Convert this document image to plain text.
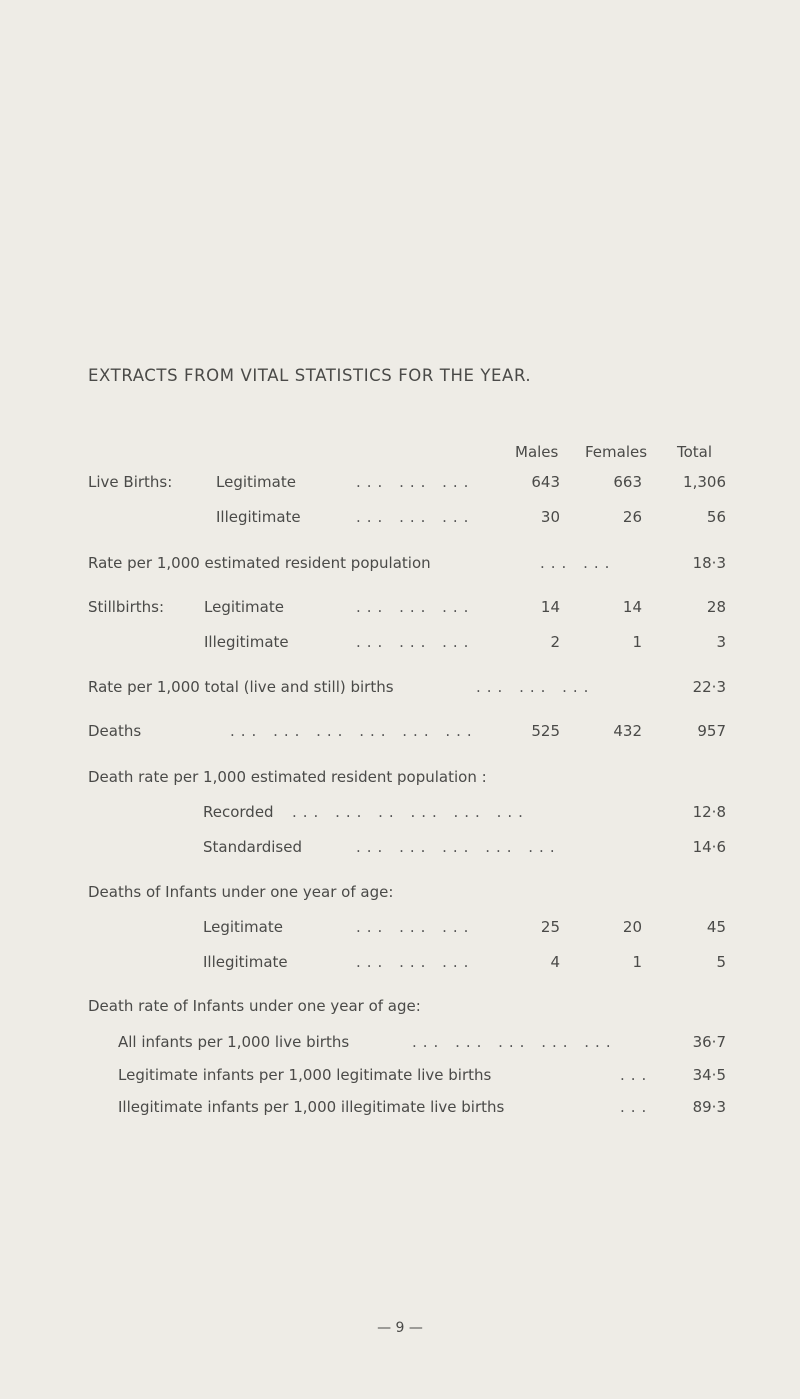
EXTRACTS FROM VITAL STATISTICS FOR THE YEAR.
Males Females Total
Live Births:	Legitimate	... ... ...	643	663	1,306
Illegitimate	... ... ...	30	26	56
Rate per 1,000 estimated resident population	... ...	18·3
Stillbirths:	Legitimate	... ... ...	14	14	28
Illegitimate	... ... ...	2	1	3
Rate per 1,000 total (live and still) births	... ... ...	22·3
Deaths	... ... ... ... ... ...	525	432	957
Death rate per 1,000 estimated resident population :
Recorded ... ... .. ... ... ...	12·8
Standardised	... ... ... ... ...	14·6
Deaths of Infants under one year of age:
Legitimate	... ... ...	25	20	45
Illegitimate	... ... ...	4	1	5
Death rate of Infants under one year of age:
All infants per 1,000 live births	... ... ... ... ...	36·7
Legitimate infants per 1,000 legitimate live births	...	34·5
Illegitimate infants per 1,000 illegitimate live births	...	89·3
— 9 —
